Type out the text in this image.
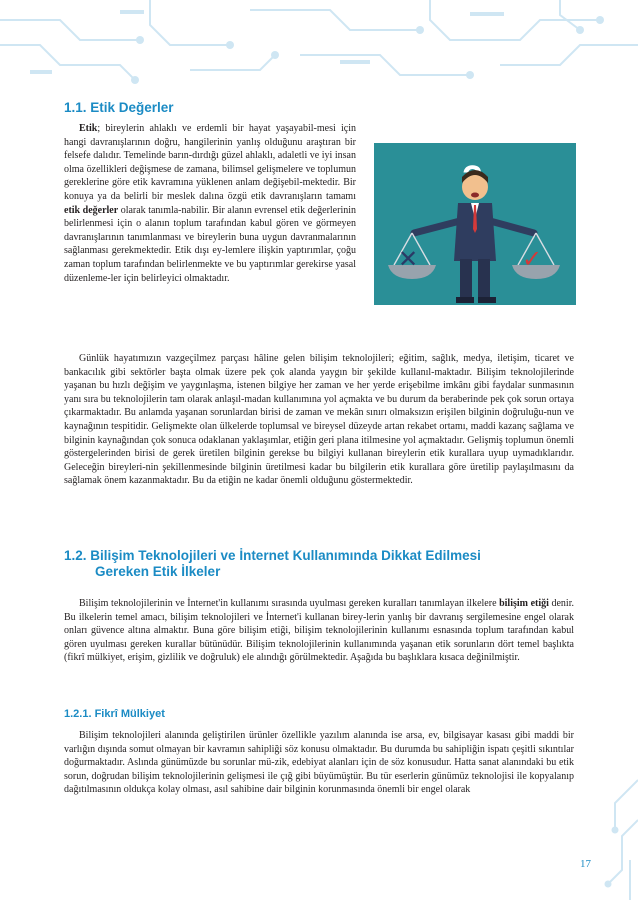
1.1. Etik Değerler

Etik; bireylerin ahlaklı ve erdemli bir hayat yaşayabil-mesi için hangi davranışlarının doğru, hangilerinin yanlış olduğunu araştıran bir felsefe dalıdır. Temelinde barın-dırdığı güzel ahlaklı, adaletli ve iyi insan olma özellikleri değişmese de zamana, bilimsel gelişmelere ve toplumun gereklerine göre etik kavramına yüklenen anlam değişebil-mektedir. Bir konuya ya da belirli bir meslek dalına özgü etik davranışların tamamı etik değerler olarak tanımla-nabilir. Bir alanın evrensel etik değerlerinin belirlenmesi için o alanın toplum tarafından kabul gören ve görmeyen davranışlarının tanımlanması ve bireylerin buna uygun davranmalarının sağlanması gerekmektedir. Etik dışı ey-lemlere ilişkin yaptırımlar, çoğu zaman toplum tarafından belirlenmekte ve bu yaptırımlar gerekirse yasal düzenleme-ler için belirleyici olmaktadır.

Günlük hayatımızın vazgeçilmez parçası hâline gelen bilişim teknolojileri; eğitim, sağlık, medya, iletişim, ticaret ve bankacılık gibi sektörler başta olmak üzere pek çok alanda yaygın bir şekilde kullanıl-maktadır. Bilişim teknolojilerinde yaşanan bu hızlı değişim ve yaygınlaşma, istenen bilgiye her zaman ve her yerde erişebilme imkânı gibi faydalar sunmasının yanı sıra bu teknolojilerin tam olarak anlaşıl-madan kullanımına yol açmakta ve bu durum da beraberinde pek çok sorun ortaya çıkarmaktadır. Bu anlamda yaşanan sorunlardan birisi de zaman ve mekân sınırı olmaksızın erişilen bilginin doğruluğu-nun ve kaynağının tespitidir. Gelişmekte olan ülkelerde toplumsal ve bireysel düzeyde artan rekabet ortamı, maddi kazanç sağlama ve bilginin kaynağından çok sonuca odaklanan yaklaşımlar, etiğin geri plana itilmesine yol açmaktadır. Gelişmiş toplumun önemli göstergelerinden birisi de gerek üretilen bilginin gerekse bu bilgiyi kullanan bireylerin etik kurallara uyup uymadıklarıdır. Geleceğin bireyleri-nin şekillenmesinde bilginin üretilmesi kadar bu bilgilerin etik kurallara göre üretilip paylaşılmasını da sağlamak önem kazanmaktadır. Bu da etiğin ne kadar önemli olduğunu göstermektedir.

1.2. Bilişim Teknolojileri ve İnternet Kullanımında Dikkat Edilmesi
Gereken Etik İlkeler

Bilişim teknolojilerinin ve İnternet'in kullanımı sırasında uyulması gereken kuralları tanımlayan ilkelere bilişim etiği denir. Bu ilkelerin temel amacı, bilişim teknolojileri ve İnternet'i kullanan birey-lerin yanlış bir davranış sergilemesine engel olarak onları güvence altına almaktır. Buna göre bilişim etiği, bilişim teknolojilerinin kullanımı esnasında toplum tarafından kabul gören uyulması gereken kurallar bütünüdür. Bilişim teknolojilerinin kullanımında yaşanan etik sorunların dört temel başlıkta (fikrî mülkiyet, erişim, gizlilik ve doğruluk) ele alındığı görülmektedir. Aşağıda bu başlıklara kısaca değinilmiştir.

1.2.1. Fikrî Mülkiyet

Bilişim teknolojileri alanında geliştirilen ürünler özellikle yazılım alanında ise arsa, ev, bilgisayar kasası gibi maddi bir varlığın dışında somut olmayan bir kavramın sahipliği söz konusu olmaktadır. Bu durumda bu sahipliğin ispatı çeşitli sıkıntılar doğurmaktadır. Aslında günümüzde bu sorunlar mü-zik, edebiyat alanları için de söz konusudur. Hatta sanat alanındaki bu etik sorun, doğrudan bilişim teknolojilerinin gelişmesi ile çığ gibi büyümüştür. Bu tür eserlerin günümüz teknolojisi ile kopyalanıp dağıtılmasının oldukça kolay olması, asıl sahibine dair bilginin korunmasında önemli bir engel olarak

✕	✓
17
